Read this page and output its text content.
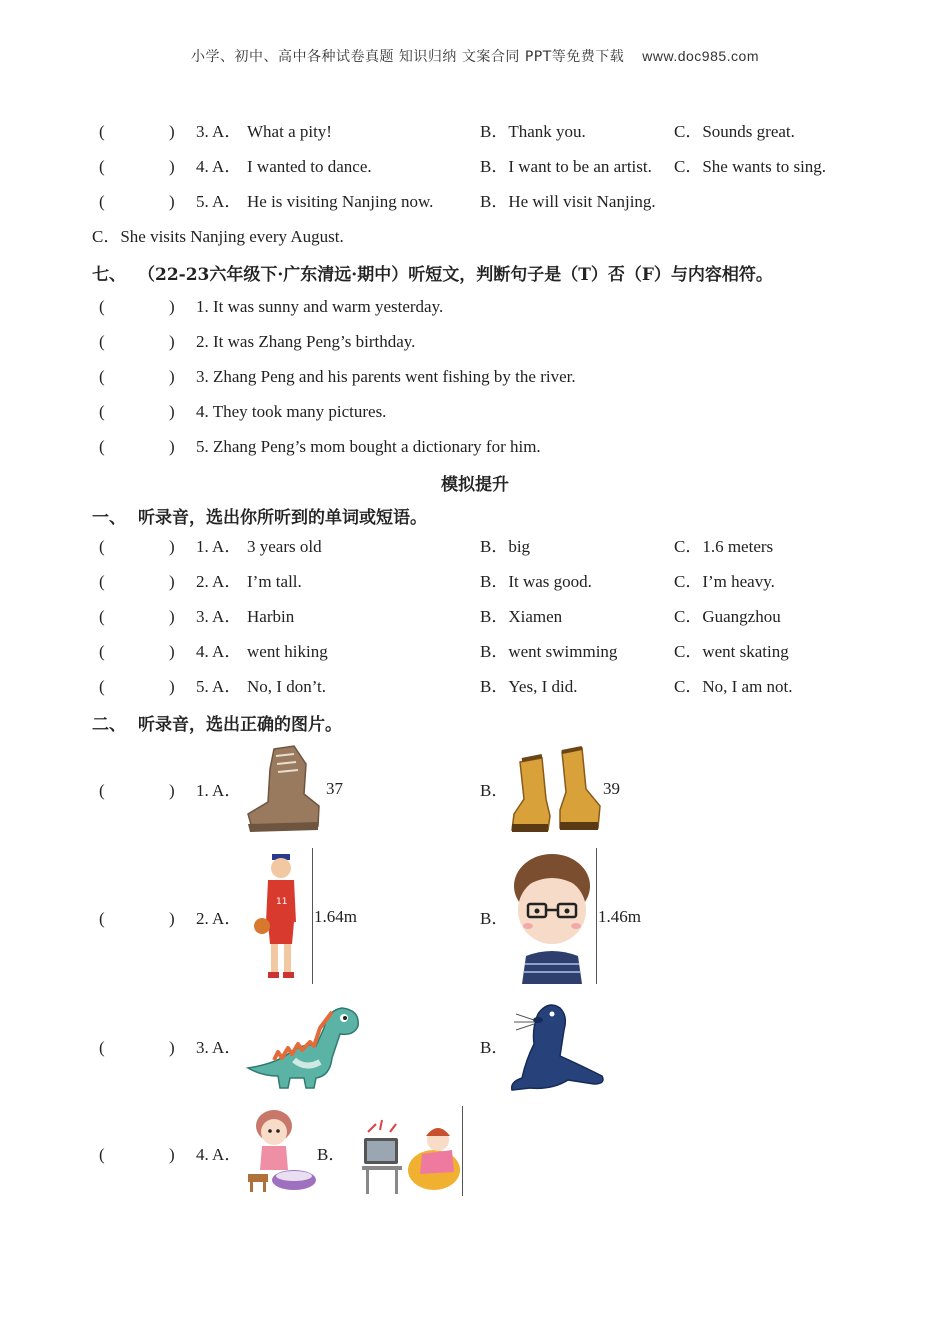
小学、初中、高中各种试卷真题 知识归纳 文案合同 PPT等免费下载 www.doc985.com
(	) 3. A． What a pity!	B．Thank you.	C．Sounds great.
(	) 4. A． I wanted to dance.	B．I want to be an artist. C．She wants to sing.
(	) 5. A． He is visiting Nanjing now.	B．He will visit Nanjing.
C．She visits Nanjing every August.
七、 （22-23六年级下·广东清远·期中）听短文，判断句子是（T）否（F）与内容相符。
(	) 1. It was sunny and warm yesterday.
(	) 2. It was Zhang Peng’s birthday.
(	) 3. Zhang Peng and his parents went fishing by the river.
(	) 4. They took many pictures.
(	) 5. Zhang Peng’s mom bought a dictionary for him.
模拟提升
一、 听录音，选出你所听到的单词或短语。
(	) 1. A． 3 years old	B．big	C．1.6 meters
(	) 2. A． I’m tall.	B．It was good.	C．I’m heavy.
(	) 3. A． Harbin	B．Xiamen	C．Guangzhou
(	) 4. A． went hiking	B．went swimming	C．went skating
(	) 5. A． No, I don’t.	B．Yes, I did.	C．No, I am not.
二、 听录音，选出正确的图片。
(	) 1. A．	B．
37	39
(	) 2. A．	B．
11
1.64m	1.46m
(	) 3. A．	B．
(	) 4. A．	B．
